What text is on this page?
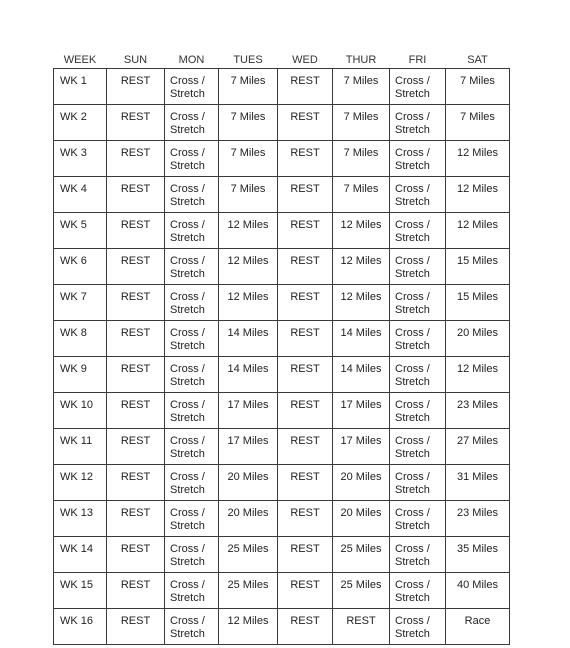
WEEK	SUN	MON	TUES	WED	THUR	FRI	SAT
WK 1	REST	Cross / Stretch	7 Miles	REST	7 Miles	Cross / Stretch	7 Miles
WK 2	REST	Cross / Stretch	7 Miles	REST	7 Miles	Cross / Stretch	7 Miles
WK 3	REST	Cross / Stretch	7 Miles	REST	7 Miles	Cross / Stretch	12 Miles
WK 4	REST	Cross / Stretch	7 Miles	REST	7 Miles	Cross / Stretch	12 Miles
WK 5	REST	Cross / Stretch	12 Miles	REST	12 Miles	Cross / Stretch	12 Miles
WK 6	REST	Cross / Stretch	12 Miles	REST	12 Miles	Cross / Stretch	15 Miles
WK 7	REST	Cross / Stretch	12 Miles	REST	12 Miles	Cross / Stretch	15 Miles
WK 8	REST	Cross / Stretch	14 Miles	REST	14 Miles	Cross / Stretch	20 Miles
WK 9	REST	Cross / Stretch	14 Miles	REST	14 Miles	Cross / Stretch	12 Miles
WK 10	REST	Cross / Stretch	17 Miles	REST	17 Miles	Cross / Stretch	23 Miles
WK 11	REST	Cross / Stretch	17 Miles	REST	17 Miles	Cross / Stretch	27 Miles
WK 12	REST	Cross / Stretch	20 Miles	REST	20 Miles	Cross / Stretch	31 Miles
WK 13	REST	Cross / Stretch	20 Miles	REST	20 Miles	Cross / Stretch	23 Miles
WK 14	REST	Cross / Stretch	25 Miles	REST	25 Miles	Cross / Stretch	35 Miles
WK 15	REST	Cross / Stretch	25 Miles	REST	25 Miles	Cross / Stretch	40 Miles
WK 16	REST	Cross / Stretch	12 Miles	REST	REST	Cross / Stretch	Race
